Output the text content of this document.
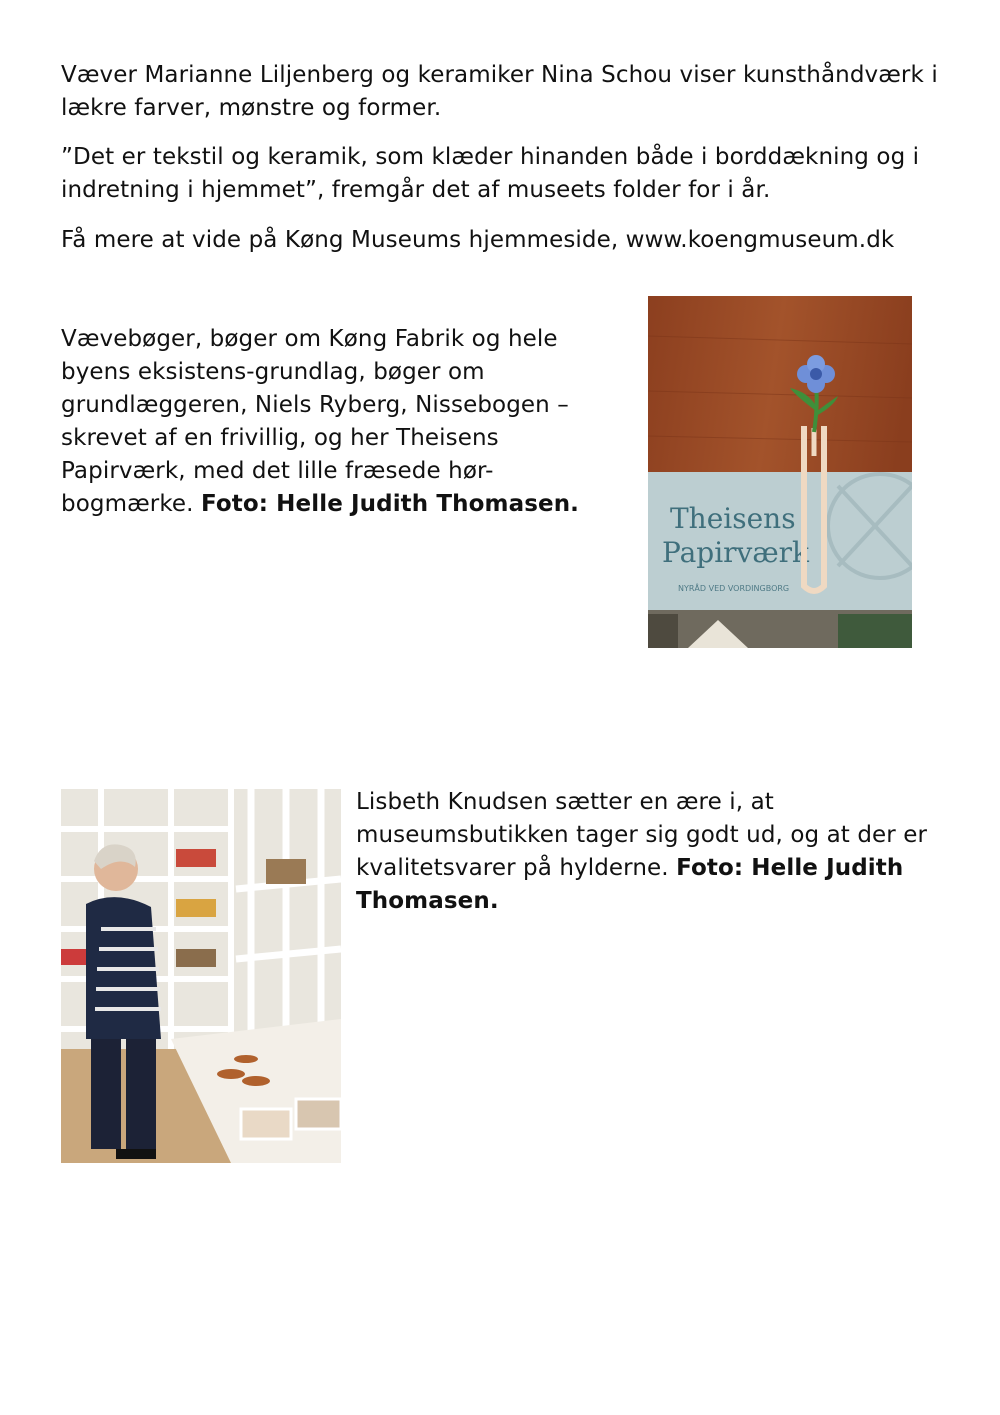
Væver Marianne Liljenberg og keramiker Nina Schou viser kunsthåndværk i lækre farver, mønstre og former.

”Det er tekstil og keramik, som klæder hinanden både i borddækning og i indretning i hjemmet”, fremgår det af museets folder for i år.

Få mere at vide på Køng Museums hjemmeside, www.koengmuseum.dk

Vævebøger, bøger om Køng Fabrik og hele byens eksistens-grundlag, bøger om grundlæggeren, Niels Ryberg, Nissebogen – skrevet af en frivillig, og her Theisens Papirværk, med det lille fræsede hør-bogmærke. Foto: Helle Judith Thomasen.	Theisens
Papirværk
NYRÅD VED VORDINGBORG

Lisbeth Knudsen sætter en ære i, at museumsbutikken tager sig godt ud, og at der er kvalitetsvarer på hylderne. Foto: Helle Judith Thomasen.
